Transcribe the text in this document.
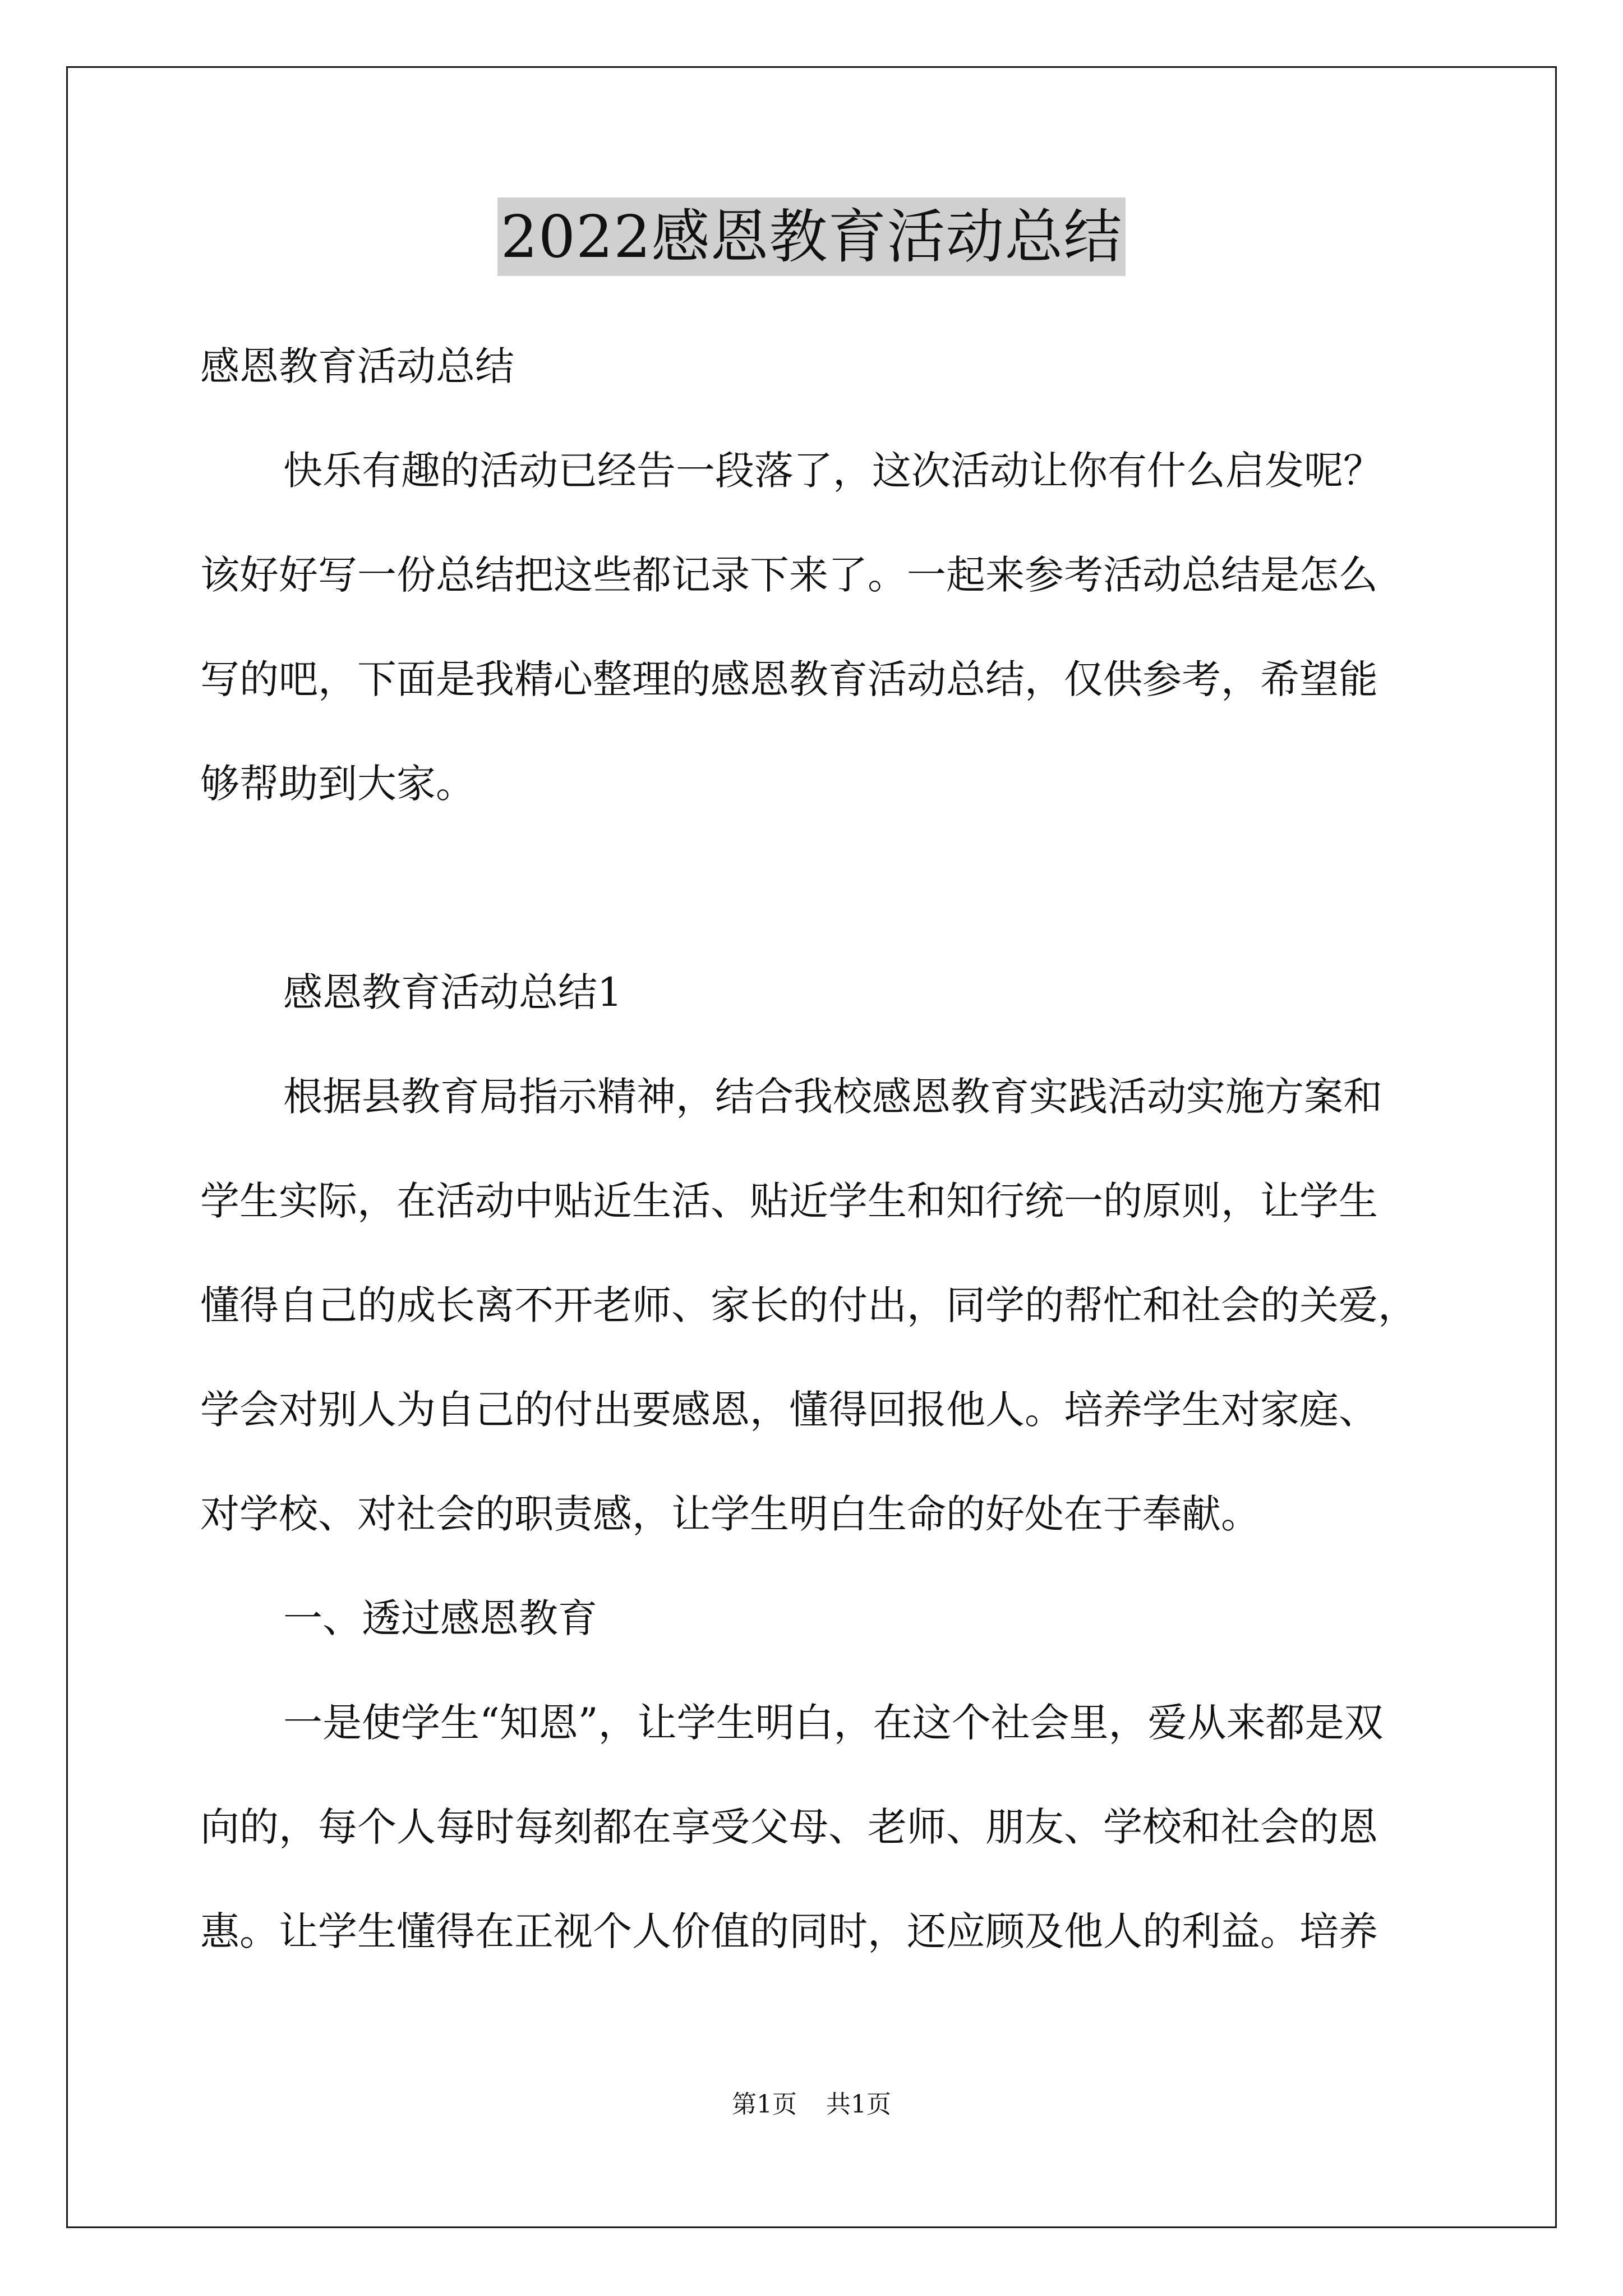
2022感恩教育活动总结

感恩教育活动总结

快乐有趣的活动已经告一段落了，这次活动让你有什么启发呢？

该好好写一份总结把这些都记录下来了。一起来参考活动总结是怎么

写的吧，下面是我精心整理的感恩教育活动总结，仅供参考，希望能

够帮助到大家。

感恩教育活动总结1

根据县教育局指示精神，结合我校感恩教育实践活动实施方案和

学生实际，在活动中贴近生活、贴近学生和知行统一的原则，让学生

懂得自己的成长离不开老师、家长的付出，同学的帮忙和社会的关爱，

学会对别人为自己的付出要感恩，懂得回报他人。培养学生对家庭、

对学校、对社会的职责感，让学生明白生命的好处在于奉献。

一、透过感恩教育

一是使学生“知恩”，让学生明白，在这个社会里，爱从来都是双

向的，每个人每时每刻都在享受父母、老师、朋友、学校和社会的恩

惠。让学生懂得在正视个人价值的同时，还应顾及他人的利益。培养

第1页 共1页
